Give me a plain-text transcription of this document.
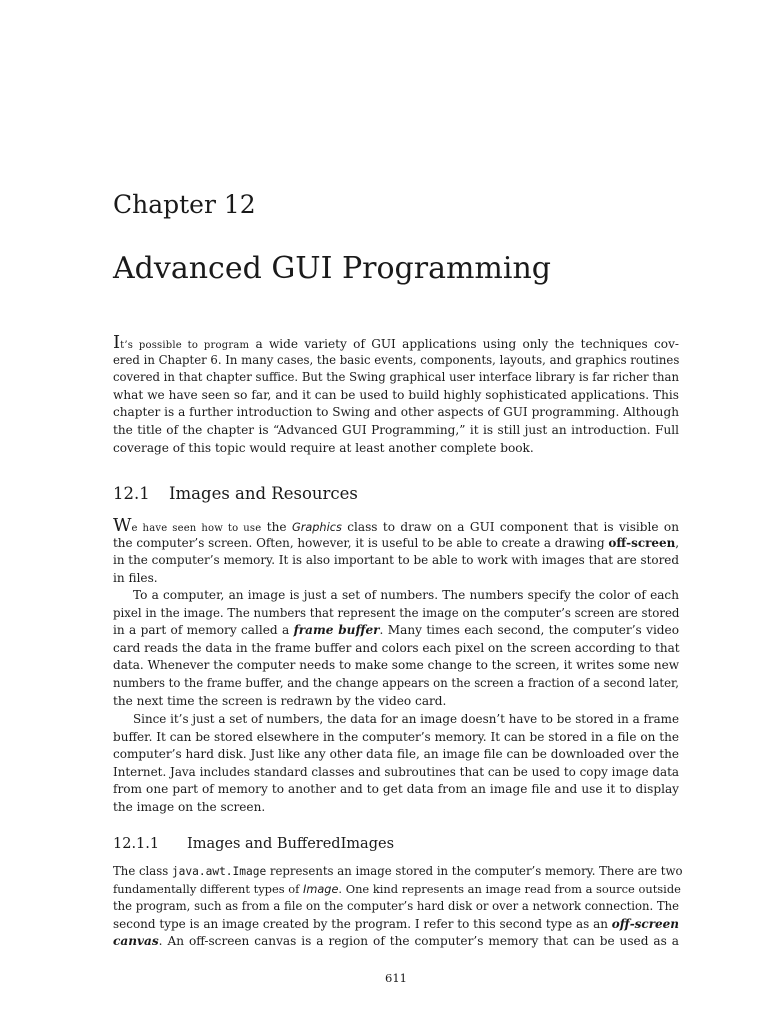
Chapter 12
Advanced GUI Programming
It’s possible to program a wide variety of GUI applications using only the techniques cov-
ered in Chapter 6. In many cases, the basic events, components, layouts, and graphics routines
covered in that chapter suffice. But the Swing graphical user interface library is far richer than
what we have seen so far, and it can be used to build highly sophisticated applications. This
chapter is a further introduction to Swing and other aspects of GUI programming. Although
the title of the chapter is “Advanced GUI Programming,” it is still just an introduction. Full
coverage of this topic would require at least another complete book.
12.1 Images and Resources
We have seen how to use the Graphics class to draw on a GUI component that is visible on
the computer’s screen. Often, however, it is useful to be able to create a drawing off-screen,
in the computer’s memory. It is also important to be able to work with images that are stored
in files.
To a computer, an image is just a set of numbers. The numbers specify the color of each
pixel in the image. The numbers that represent the image on the computer’s screen are stored
in a part of memory called a frame buffer. Many times each second, the computer’s video
card reads the data in the frame buffer and colors each pixel on the screen according to that
data. Whenever the computer needs to make some change to the screen, it writes some new
numbers to the frame buffer, and the change appears on the screen a fraction of a second later,
the next time the screen is redrawn by the video card.
Since it’s just a set of numbers, the data for an image doesn’t have to be stored in a frame
buffer. It can be stored elsewhere in the computer’s memory. It can be stored in a file on the
computer’s hard disk. Just like any other data file, an image file can be downloaded over the
Internet. Java includes standard classes and subroutines that can be used to copy image data
from one part of memory to another and to get data from an image file and use it to display
the image on the screen.
12.1.1 Images and BufferedImages
The class java.awt.Image represents an image stored in the computer’s memory. There are two
fundamentally different types of Image. One kind represents an image read from a source outside
the program, such as from a file on the computer’s hard disk or over a network connection. The
second type is an image created by the program. I refer to this second type as an off-screen
canvas. An off-screen canvas is a region of the computer’s memory that can be used as a
611
